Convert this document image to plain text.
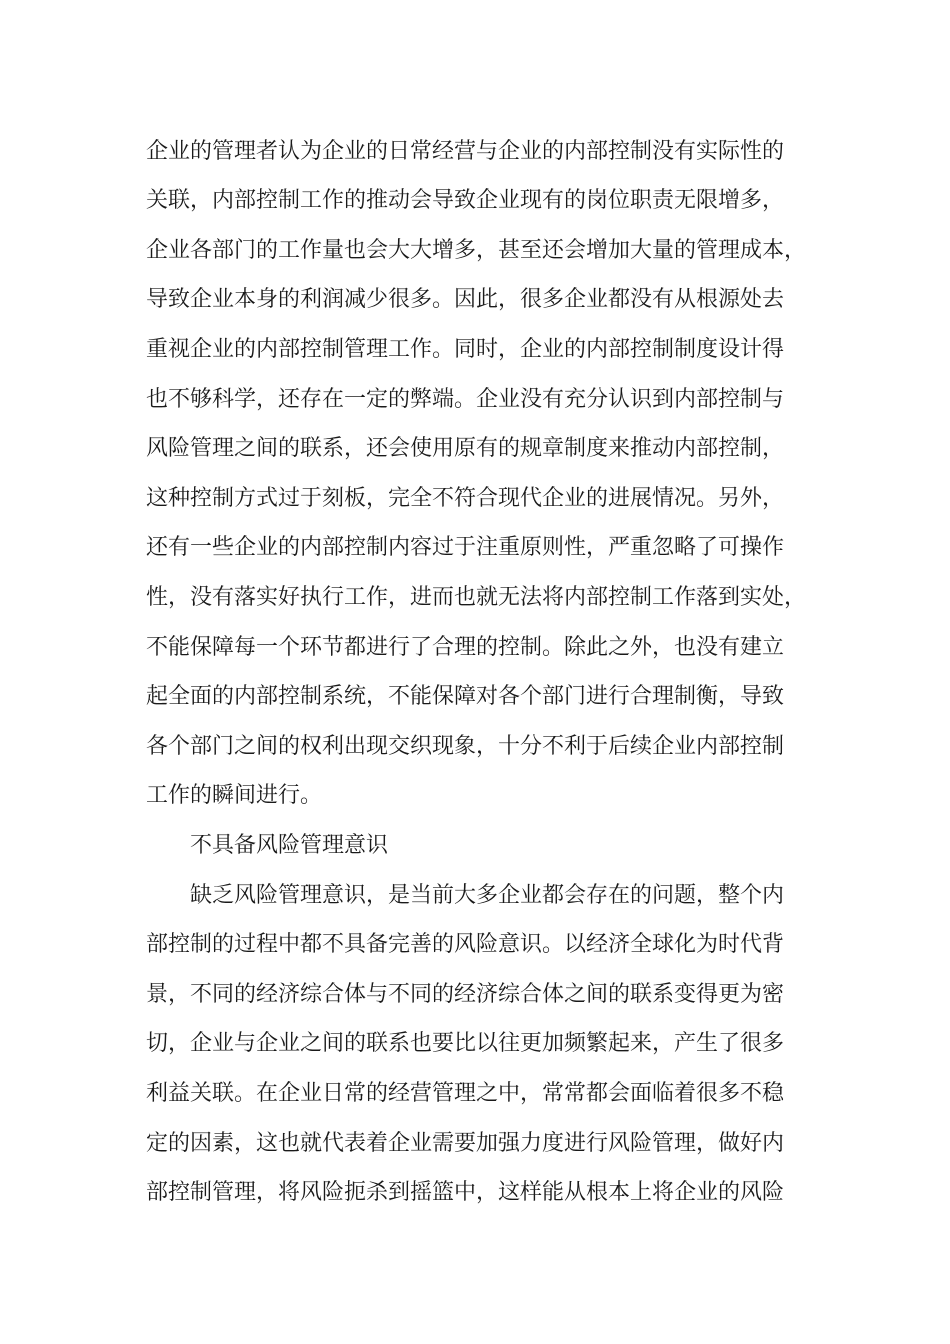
企业的管理者认为企业的日常经营与企业的内部控制没有实际性的

关联，内部控制工作的推动会导致企业现有的岗位职责无限增多，

企业各部门的工作量也会大大增多，甚至还会增加大量的管理成本，

导致企业本身的利润减少很多。因此，很多企业都没有从根源处去

重视企业的内部控制管理工作。同时，企业的内部控制制度设计得

也不够科学，还存在一定的弊端。企业没有充分认识到内部控制与

风险管理之间的联系，还会使用原有的规章制度来推动内部控制，

这种控制方式过于刻板，完全不符合现代企业的进展情况。另外，

还有一些企业的内部控制内容过于注重原则性，严重忽略了可操作

性，没有落实好执行工作，进而也就无法将内部控制工作落到实处，

不能保障每一个环节都进行了合理的控制。除此之外，也没有建立

起全面的内部控制系统，不能保障对各个部门进行合理制衡，导致

各个部门之间的权利出现交织现象，十分不利于后续企业内部控制

工作的瞬间进行。

不具备风险管理意识

缺乏风险管理意识，是当前大多企业都会存在的问题，整个内

部控制的过程中都不具备完善的风险意识。以经济全球化为时代背

景，不同的经济综合体与不同的经济综合体之间的联系变得更为密

切，企业与企业之间的联系也要比以往更加频繁起来，产生了很多

利益关联。在企业日常的经营管理之中，常常都会面临着很多不稳

定的因素，这也就代表着企业需要加强力度进行风险管理，做好内

部控制管理，将风险扼杀到摇篮中，这样能从根本上将企业的风险
